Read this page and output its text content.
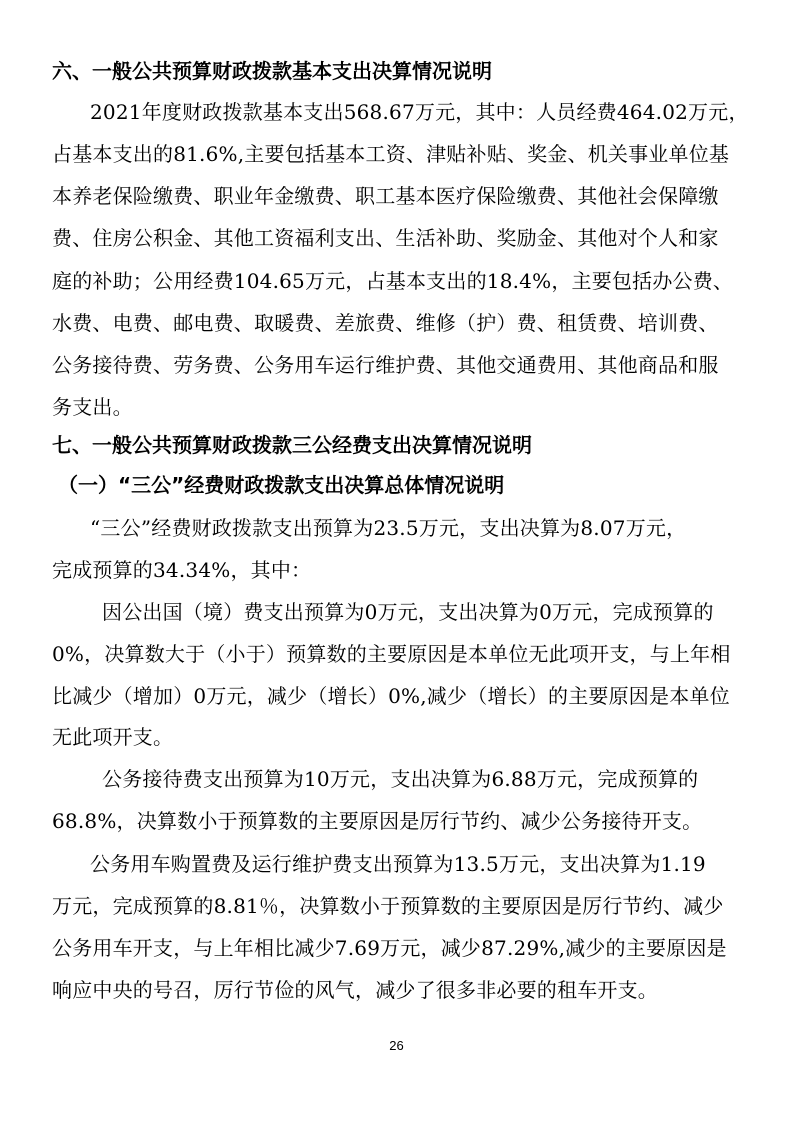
六、一般公共预算财政拨款基本支出决算情况说明
2021年度财政拨款基本支出568.67万元，其中：人员经费464.02万元，
占基本支出的81.6%,主要包括基本工资、津贴补贴、奖金、机关事业单位基
本养老保险缴费、职业年金缴费、职工基本医疗保险缴费、其他社会保障缴
费、住房公积金、其他工资福利支出、生活补助、奖励金、其他对个人和家
庭的补助；公用经费104.65万元，占基本支出的18.4%，主要包括办公费、
水费、电费、邮电费、取暖费、差旅费、维修（护）费、租赁费、培训费、
公务接待费、劳务费、公务用车运行维护费、其他交通费用、其他商品和服
务支出。
七、一般公共预算财政拨款三公经费支出决算情况说明
（一）“三公”经费财政拨款支出决算总体情况说明
“三公”经费财政拨款支出预算为23.5万元，支出决算为8.07万元，
完成预算的34.34%，其中：
因公出国（境）费支出预算为0万元，支出决算为0万元，完成预算的
0%，决算数大于（小于）预算数的主要原因是本单位无此项开支，与上年相
比减少（增加）0万元，减少（增长）0%,减少（增长）的主要原因是本单位
无此项开支。
公务接待费支出预算为10万元，支出决算为6.88万元，完成预算的
68.8%，决算数小于预算数的主要原因是厉行节约、减少公务接待开支。
公务用车购置费及运行维护费支出预算为13.5万元，支出决算为1.19
万元，完成预算的8.81％，决算数小于预算数的主要原因是厉行节约、减少
公务用车开支，与上年相比减少7.69万元，减少87.29%,减少的主要原因是
响应中央的号召，厉行节俭的风气，减少了很多非必要的租车开支。
26
